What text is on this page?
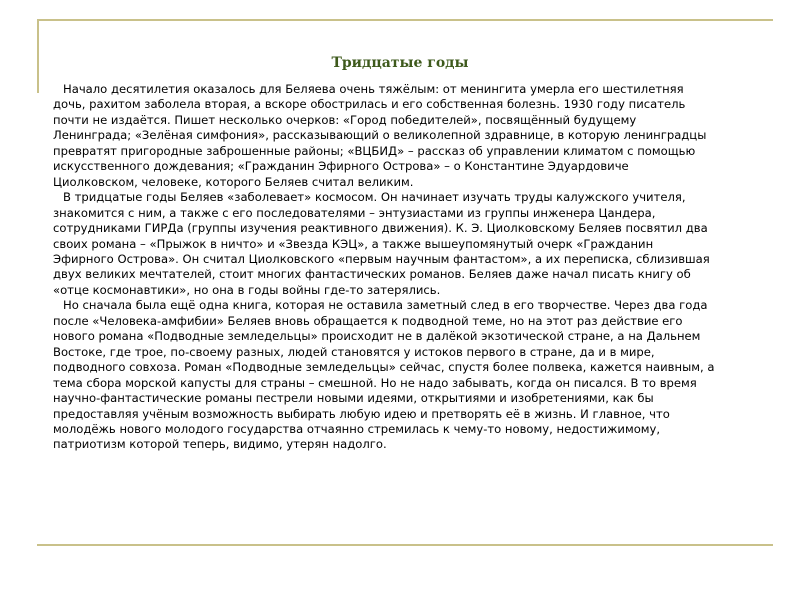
Тридцатые годы

Начало десятилетия оказалось для Беляева очень тяжёлым: от менингита умерла его шестилетняя дочь, рахитом заболела вторая, а вскоре обострилась и его собственная болезнь. 1930 году писатель почти не издаётся. Пишет несколько очерков: «Город победителей», посвящённый будущему Ленинграда; «Зелёная симфония», рассказывающий о великолепной здравнице, в которую ленинградцы превратят пригородные заброшенные районы; «ВЦБИД» – рассказ об управлении климатом с помощью искусственного дождевания; «Гражданин Эфирного Острова» – о Константине Эдуардовиче Циолковском, человеке, которого Беляев считал великим.

В тридцатые годы Беляев «заболевает» космосом. Он начинает изучать труды калужского учителя, знакомится с ним, а также с его последователями – энтузиастами из группы инженера Цандера, сотрудниками ГИРДа (группы изучения реактивного движения). К. Э. Циолковскому Беляев посвятил два своих романа – «Прыжок в ничто» и «Звезда КЭЦ», а также вышеупомянутый очерк «Гражданин Эфирного Острова». Он считал Циолковского «первым научным фантастом», а их переписка, сблизившая двух великих мечтателей, стоит многих фантастических романов. Беляев даже начал писать книгу об «отце космонавтики», но она в годы войны где-то затерялись.

Но сначала была ещё одна книга, которая не оставила заметный след в его творчестве. Через два года после «Человека-амфибии» Беляев вновь обращается к подводной теме, но на этот раз действие его нового романа «Подводные земледельцы» происходит не в далёкой экзотической стране, а на Дальнем Востоке, где трое, по-своему разных, людей становятся у истоков первого в стране, да и в мире, подводного совхоза. Роман «Подводные земледельцы» сейчас, спустя более полвека, кажется наивным, а тема сбора морской капусты для страны – смешной. Но не надо забывать, когда он писался. В то время научно-фантастические романы пестрели новыми идеями, открытиями и изобретениями, как бы предоставляя учёным возможность выбирать любую идею и претворять её в жизнь. И главное, что молодёжь нового молодого государства отчаянно стремилась к чему-то новому, недостижимому, патриотизм которой теперь, видимо, утерян надолго.
